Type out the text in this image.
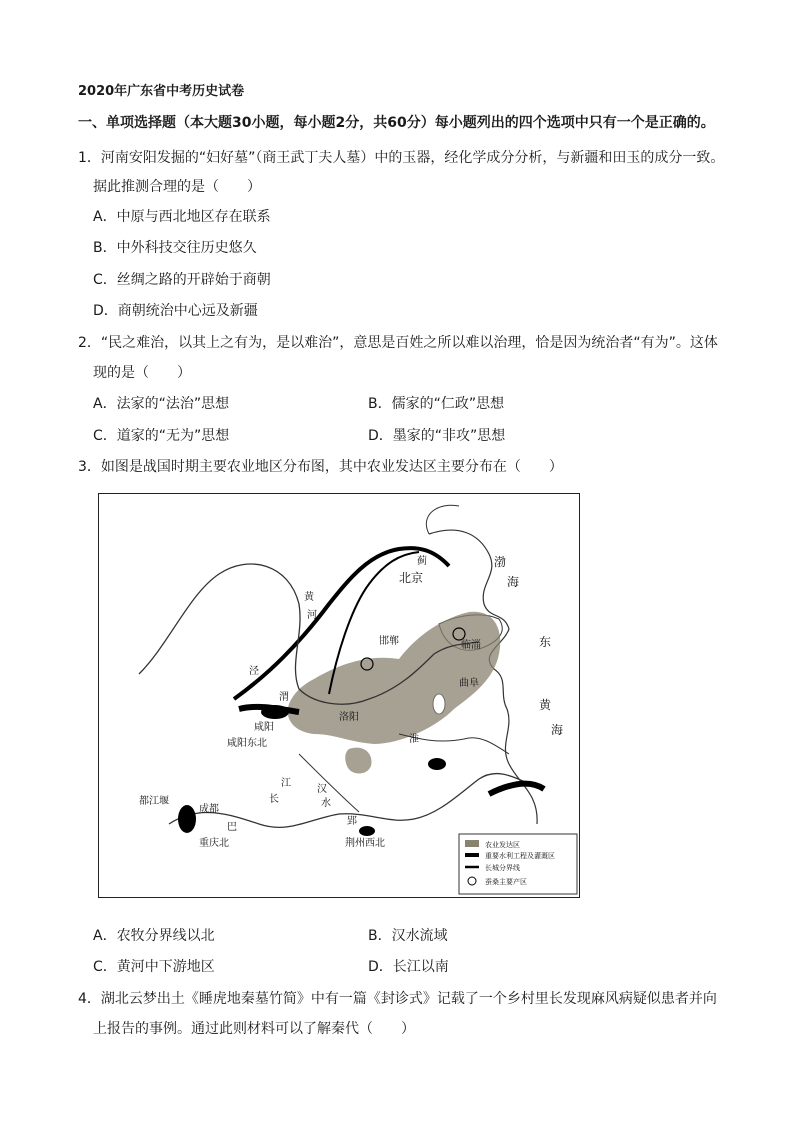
2020年广东省中考历史试卷
一、单项选择题（本大题30小题，每小题2分，共60分）每小题列出的四个选项中只有一个是正确的。
1．河南安阳发掘的“妇好墓”（商王武丁夫人墓）中的玉器，经化学成分分析，与新疆和田玉的成分一致。
据此推测合理的是（　　）
A．中原与西北地区存在联系
B．中外科技交往历史悠久
C．丝绸之路的开辟始于商朝
D．商朝统治中心远及新疆
2．“民之难治，以其上之有为，是以难治”，意思是百姓之所以难以治理，恰是因为统治者“有为”。这体
现的是（　　）
A．法家的“法治”思想	B．儒家的“仁政”思想
C．道家的“无为”思想	D．墨家的“非攻”思想
3．如图是战国时期主要农业地区分布图，其中农业发达区主要分布在（　　）
北京
蓟	渤
海
东
黄
海
黄
河
邯郸	临淄
曲阜
洛阳
咸阳
咸阳东北
泾
渭
淮
汉
水
郢
荆州西北
都江堰
成都
重庆北
巴
长
江
农业发达区
重要水利工程及灌溉区
长城分界线
蚕桑主要产区
A．农牧分界线以北	B．汉水流域
C．黄河中下游地区	D．长江以南
4．湖北云梦出土《睡虎地秦墓竹简》中有一篇《封诊式》记载了一个乡村里长发现麻风病疑似患者并向
上报告的事例。通过此则材料可以了解秦代（　　）
